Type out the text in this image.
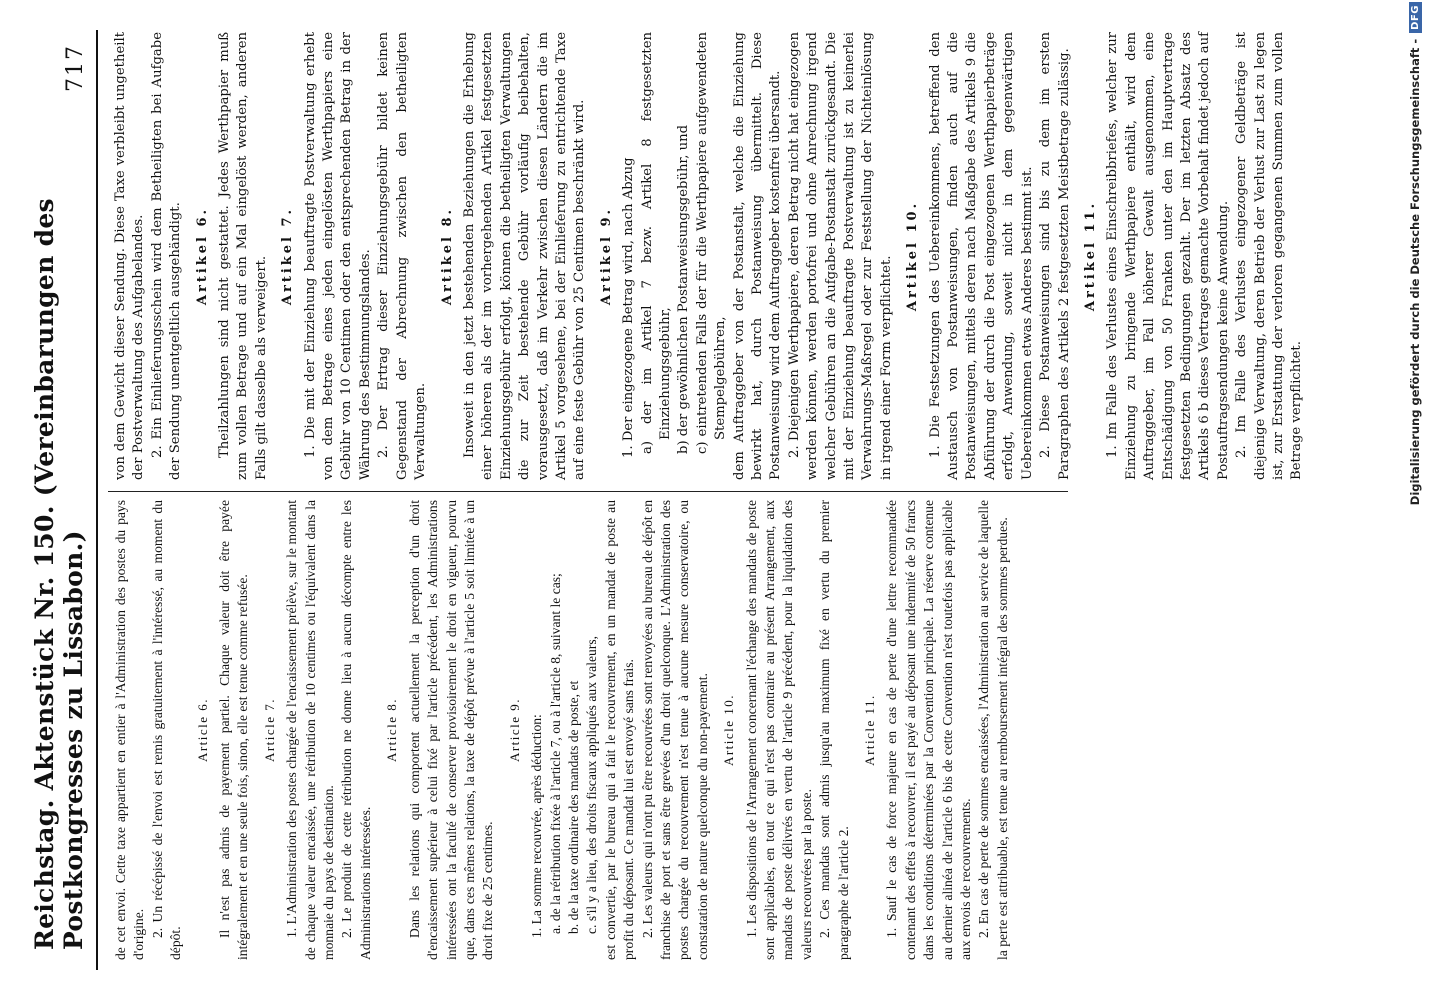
Reichstag. Aktenstück Nr. 150. (Vereinbarungen des Postkongresses zu Lissabon.)
717

de cet envoi. Cette taxe appartient en entier à l'Administration des postes du pays d'origine. 2. Un récépissé de l'envoi est remis gratuitement à l'intéressé, au moment du dépôt.

Article 6. Il n'est pas admis de payement partiel. Chaque valeur doit être payée intégralement et en une seule fois, sinon, elle est tenue comme refusée. Article 7. 1. L'Administration des postes chargée de l'encaissement prélève, sur le montant de chaque valeur encaissée, une rétribution de 10 centimes ou l'équivalent dans la monnaie du pays de destination. 2. Le produit de cette rétribution ne donne lieu à aucun décompte entre les Administrations intéressées.

Article 8. Dans les relations qui comportent actuellement la perception d'un droit d'encaissement supérieur à celui fixé par l'article précédent, les Administrations intéressées ont la faculté de conserver provisoirement le droit en vigueur, pourvu que, dans ces mêmes relations, la taxe de dépôt prévue à l'article 5 soit limitée à un droit fixe de 25 centimes.

Article 9. 1. La somme recouvrée, après déduction: a. de la rétribution fixée à l'article 7, ou à l'article 8, suivant le cas; b. de la taxe ordinaire des mandats de poste, et c. s'il y a lieu, des droits fiscaux appliqués aux valeurs, est convertie, par le bureau qui a fait le recouvrement, en un mandat de poste au profit du déposant. Ce mandat lui est envoyé sans frais. 2. Les valeurs qui n'ont pu être recouvrées sont renvoyées au bureau de dépôt en franchise de port et sans être grevées d'un droit quelconque. L'Administration des postes chargée du recouvrement n'est tenue à aucune mesure conservatoire, ou constatation de nature quelconque du non-payement. Article 10. 1. Les dispositions de l'Arrangement concernant l'échange des mandats de poste sont applicables, en tout ce qui n'est pas contraire au présent Arrangement, aux mandats de poste délivrés en vertu de l'article 9 précédent, pour la liquidation des valeurs recouvrées par la poste. 2. Ces mandats sont admis jusqu'au maximum fixé en vertu du premier paragraphe de l'article 2.

Article 11. 1. Sauf le cas de force majeure en cas de perte d'une lettre recommandée contenant des effets à recouvrer, il est payé au déposant une indemnité de 50 francs dans les conditions déterminées par la Convention principale. La réserve contenue au dernier alinéa de l'article 6 bis de cette Convention n'est toutefois pas applicable aux envois de recouvrements. 2. En cas de perte de sommes encaissées, l'Administration au service de laquelle la perte est attribuable, est tenue au remboursement intégral des sommes perdues.

von dem Gewicht dieser Sendung. Diese Taxe verbleibt ungetheilt der Postverwaltung des Aufgabelandes. 2. Ein Einlieferungsschein wird dem Betheiligten bei Aufgabe der Sendung unentgeltlich ausgehändigt. Artikel 6. Theilzahlungen sind nicht gestattet. Jedes Werthpapier muß zum vollen Betrage und auf ein Mal eingelöst werden, anderen Falls gilt dasselbe als verweigert. Artikel 7. 1. Die mit der Einziehung beauftragte Postverwaltung erhebt von dem Betrage eines jeden eingelösten Werthpapiers eine Gebühr von 10 Centimen oder den entsprechenden Betrag in der Währung des Bestimmungslandes. 2. Der Ertrag dieser Einziehungsgebühr bildet keinen Gegenstand der Abrechnung zwischen den betheiligten Verwaltungen.

Artikel 8. Insoweit in den jetzt bestehenden Beziehungen die Erhebung einer höheren als der im vorhergehenden Artikel festgesetzten Einziehungsgebühr erfolgt, können die betheiligten Verwaltungen die zur Zeit bestehende Gebühr vorläufig beibehalten, vorausgesetzt, daß im Verkehr zwischen diesen Ländern die im Artikel 5 vorgesehene, bei der Einlieferung zu entrichtende Taxe auf eine feste Gebühr von 25 Centimen beschränkt wird. Artikel 9. 1. Der eingezogene Betrag wird, nach Abzug a) der im Artikel 7 bezw. Artikel 8 festgesetzten Einziehungsgebühr, b) der gewöhnlichen Postanweisungsgebühr, und c) eintretenden Falls der für die Werthpapiere aufgewendeten Stempelgebühren, dem Auftraggeber von der Postanstalt, welche die Einziehung bewirkt hat, durch Postanweisung übermittelt. Diese Postanweisung wird dem Auftraggeber kostenfrei übersandt. 2. Diejenigen Werthpapiere, deren Betrag nicht hat eingezogen werden können, werden portofrei und ohne Anrechnung irgend welcher Gebühren an die Aufgabe-Postanstalt zurückgesandt. Die mit der Einziehung beauftragte Postverwaltung ist zu keinerlei Verwahrungs-Maßregel oder zur Feststellung der Nichteinlösung in irgend einer Form verpflichtet. Artikel 10. 1. Die Festsetzungen des Uebereinkommens, betreffend den Austausch von Postanweisungen, finden auch auf die Postanweisungen, mittels deren nach Maßgabe des Artikels 9 die Abführung der durch die Post eingezogenen Werthpapierbeträge erfolgt, Anwendung, soweit nicht in dem gegenwärtigen Uebereinkommen etwas Anderes bestimmt ist. 2. Diese Postanweisungen sind bis zu dem im ersten Paragraphen des Artikels 2 festgesetzten Meistbetrage zulässig. Artikel 11. 1. Im Falle des Verlustes eines Einschreibbriefes, welcher zur Einziehung zu bringende Werthpapiere enthält, wird dem Auftraggeber, im Fall höherer Gewalt ausgenommen, eine Entschädigung von 50 Franken unter den im Hauptvertrage festgesetzten Bedingungen gezahlt. Der im letzten Absatz des Artikels 6 b dieses Vertrages gemachte Vorbehalt findet jedoch auf Postauftragsendungen keine Anwendung. 2. Im Falle des Verlustes eingezogener Geldbeträge ist diejenige Verwaltung, deren Betrieb der Verlust zur Last zu legen ist, zur Erstattung der verloren gegangenen Summen zum vollen Betrage verpflichtet.	Digitalisierung gefördert durch die Deutsche Forschungsgemeinschaft -
DFG
